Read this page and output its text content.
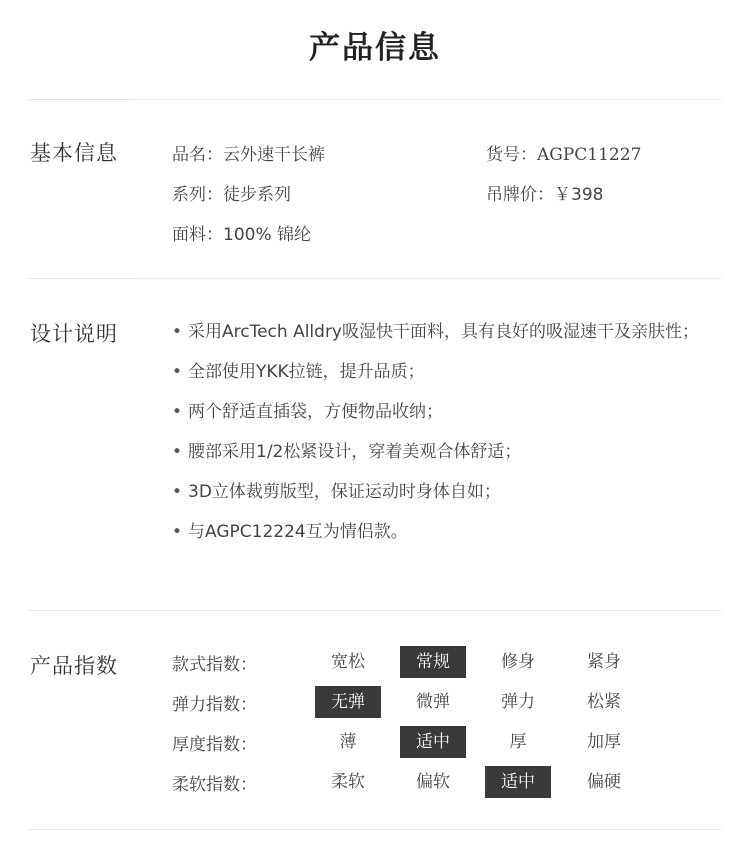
产品信息
基本信息	品名：云外速干长裤	货号：AGPC11227
系列：徒步系列	吊牌价：￥398
面料：100% 锦纶
设计说明	• 采用ArcTech Alldry吸湿快干面料，具有良好的吸湿速干及亲肤性；
• 全部使用YKK拉链，提升品质；
• 两个舒适直插袋，方便物品收纳；
• 腰部采用1/2松紧设计，穿着美观合体舒适；
• 3D立体裁剪版型，保证运动时身体自如；
• 与AGPC12224互为情侣款。
产品指数	款式指数：	宽松	常规	修身	紧身
弹力指数：	无弹	微弹	弹力	松紧
厚度指数：	薄	适中	厚	加厚
柔软指数：	柔软	偏软	适中	偏硬
